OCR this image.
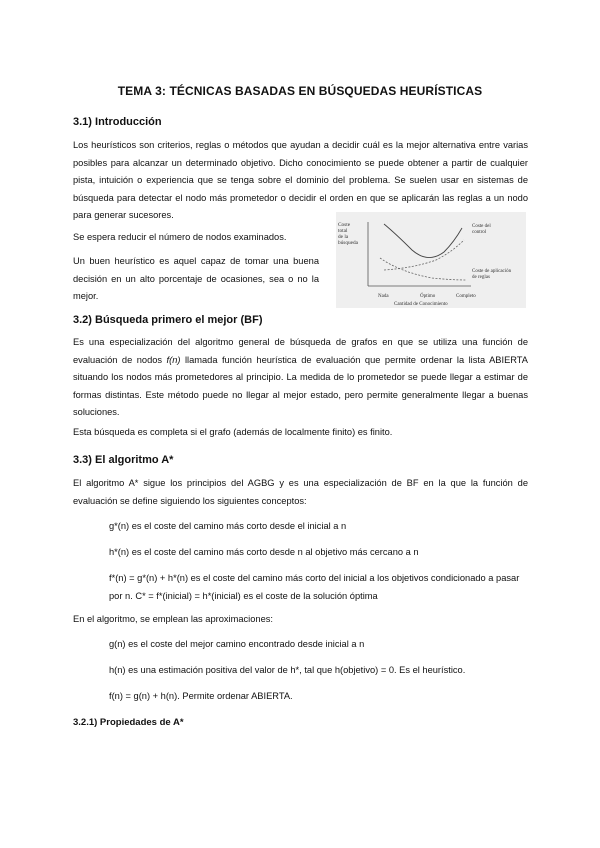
TEMA 3: TÉCNICAS BASADAS EN BÚSQUEDAS HEURÍSTICAS
3.1) Introducción
Los heurísticos son criterios, reglas o métodos que ayudan a decidir cuál es la mejor alternativa entre varias posibles para alcanzar un determinado objetivo. Dicho conocimiento se puede obtener a partir de cualquier pista, intuición o experiencia que se tenga sobre el dominio del problema. Se suelen usar en sistemas de búsqueda para detectar el nodo más prometedor o decidir el orden en que se aplicarán las reglas a un nodo para generar sucesores.
Se espera reducir el número de nodos examinados.
Un buen heurístico es aquel capaz de tomar una buena decisión en un alto porcentaje de ocasiones, sea o no la mejor.
Coste
total
de la
búsqueda
Coste del
control
Coste de aplicación
de reglas
Nada	Óptimo	Completo
Cantidad de Conocimiento
3.2) Búsqueda primero el mejor (BF)
Es una especialización del algoritmo general de búsqueda de grafos en que se utiliza una función de evaluación de nodos f(n) llamada función heurística de evaluación que permite ordenar la lista ABIERTA situando los nodos más prometedores al principio. La medida de lo prometedor se puede llegar a estimar de formas distintas. Este método puede no llegar al mejor estado, pero permite generalmente llegar a buenas soluciones.
Esta búsqueda es completa si el grafo (además de localmente finito) es finito.
3.3) El algoritmo A*
El algoritmo A* sigue los principios del AGBG y es una especialización de BF en la que la función de evaluación se define siguiendo los siguientes conceptos:
g*(n) es el coste del camino más corto desde el inicial a n
h*(n) es el coste del camino más corto desde n al objetivo más cercano a n
f*(n) = g*(n) + h*(n) es el coste del camino más corto del inicial a los objetivos condicionado a pasar por n. C* = f*(inicial) = h*(inicial) es el coste de la solución óptima
En el algoritmo, se emplean las aproximaciones:
g(n) es el coste del mejor camino encontrado desde inicial a n
h(n) es una estimación positiva del valor de h*, tal que h(objetivo) = 0. Es el heurístico.
f(n) = g(n) + h(n). Permite ordenar ABIERTA.
3.2.1) Propiedades de A*
